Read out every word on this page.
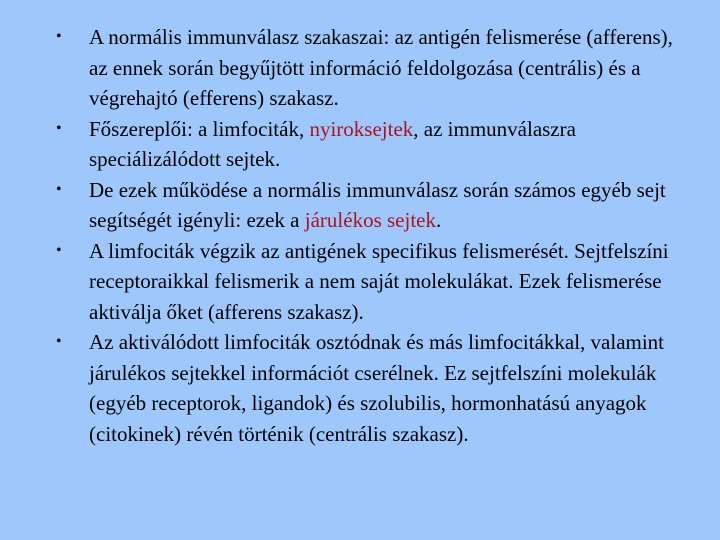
•	A normális immunválasz szakaszai: az antigén felismerése (afferens), az ennek során begyűjtött információ feldolgozása (centrális) és a végrehajtó (efferens) szakasz.
•	Főszereplői: a limfociták, nyiroksejtek, az immunválaszra speciálizálódott sejtek.
•	De ezek működése a normális immunválasz során számos egyéb sejt segítségét igényli: ezek a járulékos sejtek.
•	A limfociták végzik az antigének specifikus felismerését. Sejtfelszíni receptoraikkal felismerik a nem saját molekulákat. Ezek felismerése aktiválja őket (afferens szakasz).
•	Az aktiválódott limfociták osztódnak és más limfocitákkal, valamint járulékos sejtekkel információt cserélnek. Ez sejtfelszíni molekulák (egyéb receptorok, ligandok) és szolubilis, hormonhatású anyagok (citokinek) révén történik (centrális szakasz).
